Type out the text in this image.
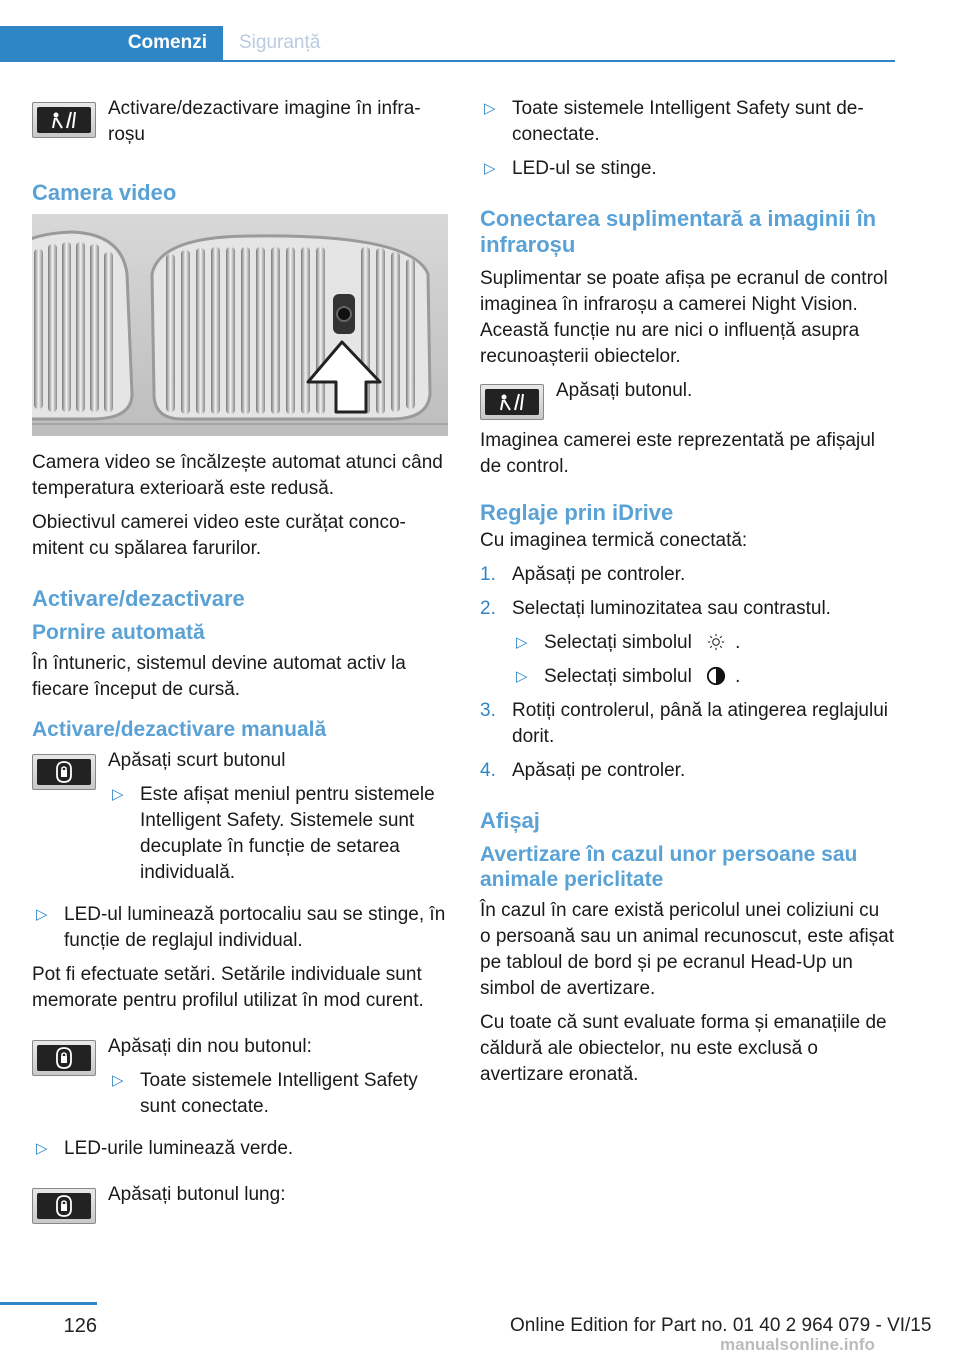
Comenzi	Siguranță

Activare/dezactivare imagine în infraroșu

Camera video

Camera video se încălzește automat atunci când temperatura exterioară este redusă.

Obiectivul camerei video este curățat concomitent cu spălarea farurilor.

Activare/dezactivare
Pornire automată

În întuneric, sistemul devine automat activ la fiecare început de cursă.

Activare/dezactivare manuală

Apăsați scurt butonul

▷ Este afișat meniul pentru sistemele Intelligent Safety. Sistemele sunt decuplate în funcție de setarea individuală.
▷ LED-ul luminează portocaliu sau se stinge, în funcție de reglajul individual.

Pot fi efectuate setări. Setările individuale sunt memorate pentru profilul utilizat în mod curent.

Apăsați din nou butonul:

▷ Toate sistemele Intelligent Safety sunt conectate.
▷ LED-urile luminează verde.

Apăsați butonul lung:

▷ Toate sistemele Intelligent Safety sunt deconectate.
▷ LED-ul se stinge.
Conectarea suplimentară a imaginii în infraroșu

Suplimentar se poate afișa pe ecranul de control imaginea în infraroșu a camerei Night Vision. Această funcție nu are nici o influență asupra recunoașterii obiectelor.

Apăsați butonul.

Imaginea camerei este reprezentată pe afișajul de control.

Reglaje prin iDrive

Cu imaginea termică conectată:

1. Apăsați pe controler.
2. Selectați luminozitatea sau contrastul.
▷ Selectați simbolul .
▷ Selectați simbolul .
3. Rotiți controlerul, până la atingerea reglajului dorit.
4. Apăsați pe controler.
Afișaj
Avertizare în cazul unor persoane sau animale periclitate

În cazul în care există pericolul unei coliziuni cu o persoană sau un animal recunoscut, este afișat pe tabloul de bord și pe ecranul Head-Up un simbol de avertizare.

Cu toate că sunt evaluate forma și emanațiile de căldură ale obiectelor, nu este exclusă o avertizare eronată.

126	Online Edition for Part no. 01 40 2 964 079 - VI/15
manualsonline.info
